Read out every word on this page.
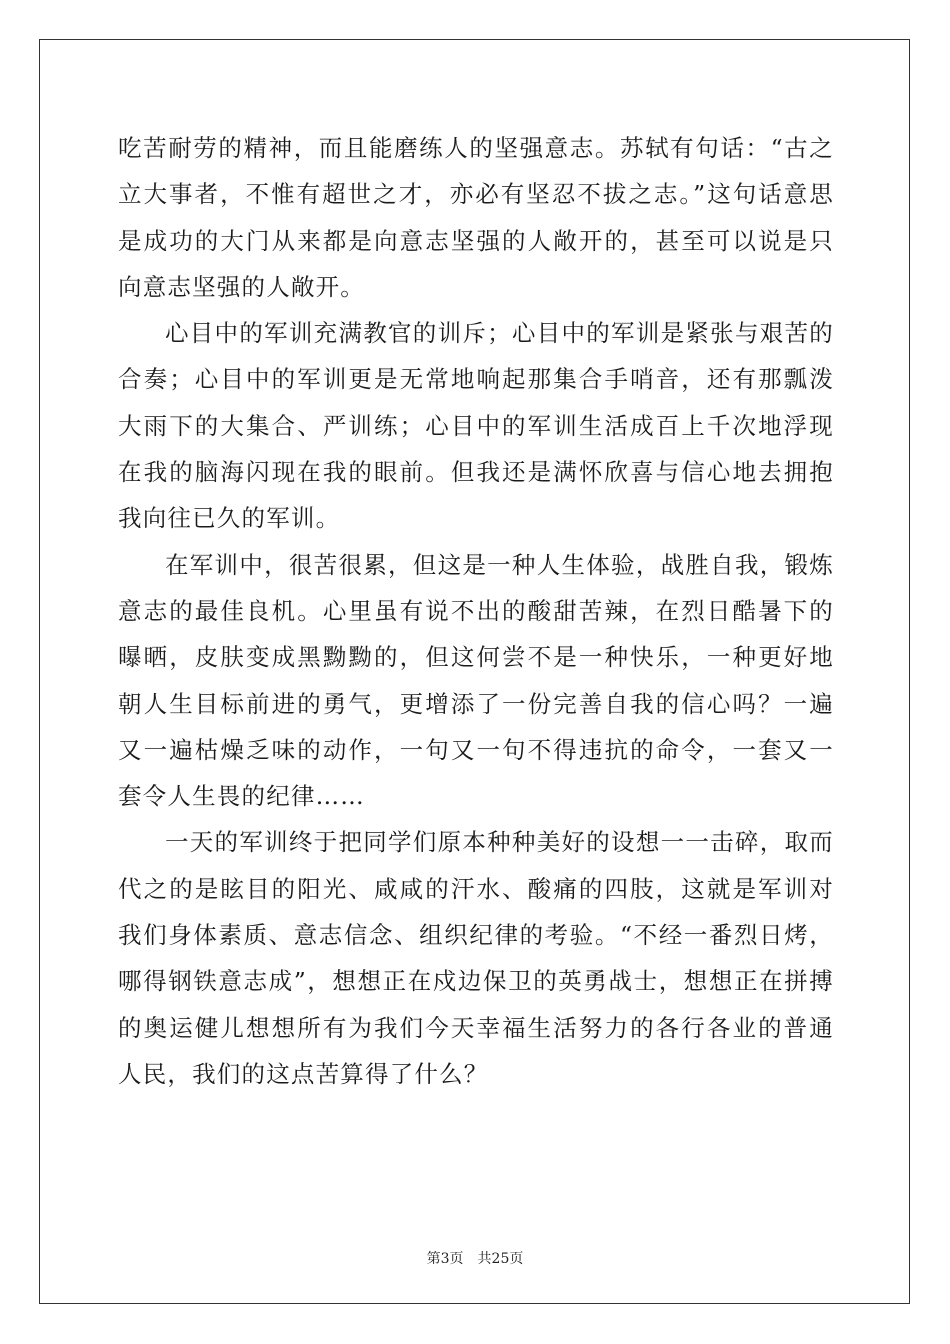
吃苦耐劳的精神，而且能磨练人的坚强意志。苏轼有句话：“古之立大事者，不惟有超世之才，亦必有坚忍不拔之志。”这句话意思是成功的大门从来都是向意志坚强的人敞开的，甚至可以说是只向意志坚强的人敞开。

心目中的军训充满教官的训斥；心目中的军训是紧张与艰苦的合奏；心目中的军训更是无常地响起那集合手哨音，还有那瓢泼大雨下的大集合、严训练；心目中的军训生活成百上千次地浮现在我的脑海闪现在我的眼前。但我还是满怀欣喜与信心地去拥抱我向往已久的军训。

在军训中，很苦很累，但这是一种人生体验，战胜自我，锻炼意志的最佳良机。心里虽有说不出的酸甜苦辣，在烈日酷暑下的曝晒，皮肤变成黑黝黝的，但这何尝不是一种快乐，一种更好地朝人生目标前进的勇气，更增添了一份完善自我的信心吗？一遍又一遍枯燥乏味的动作，一句又一句不得违抗的命令，一套又一套令人生畏的纪律……

一天的军训终于把同学们原本种种美好的设想一一击碎，取而代之的是眩目的阳光、咸咸的汗水、酸痛的四肢，这就是军训对我们身体素质、意志信念、组织纪律的考验。“不经一番烈日烤，哪得钢铁意志成”，想想正在戍边保卫的英勇战士，想想正在拼搏的奥运健儿想想所有为我们今天幸福生活努力的各行各业的普通人民，我们的这点苦算得了什么？

第3页 共25页
